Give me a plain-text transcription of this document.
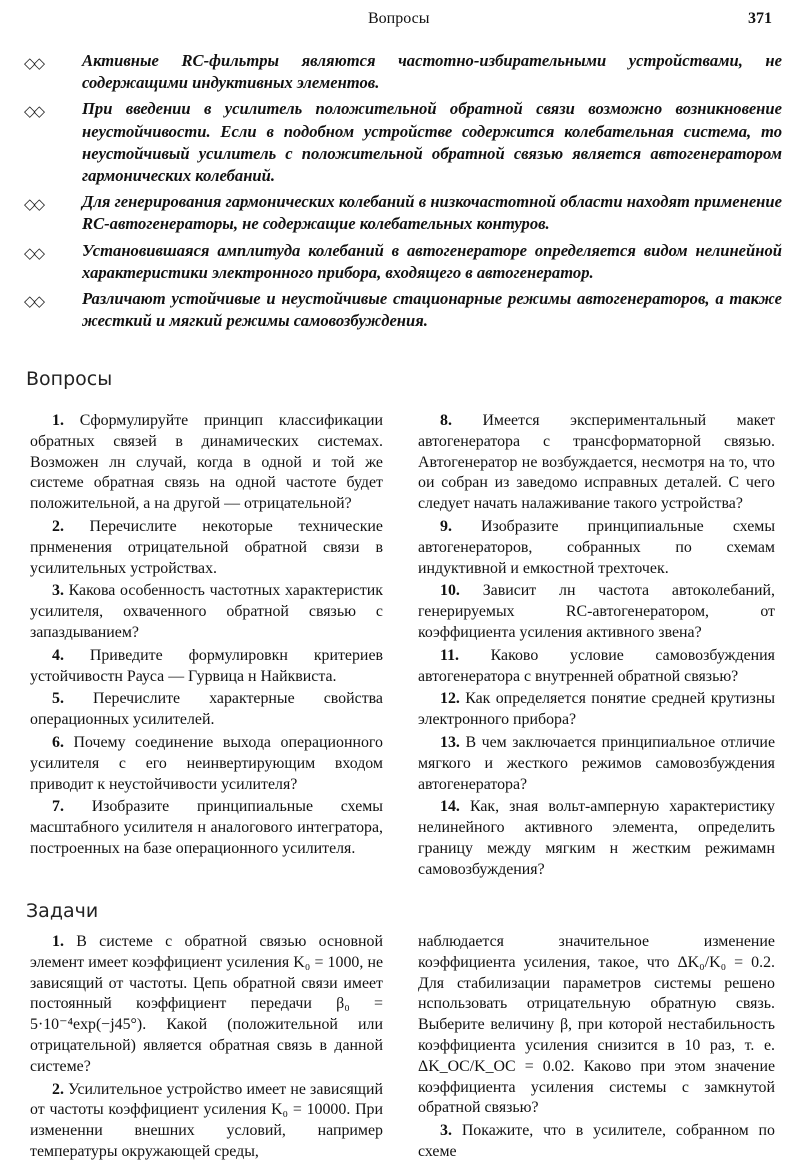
Вопросы	371
◇◇ Активные RC-фильтры являются частотно-избирательными устройствами, не содержащими индуктивных элементов.
◇◇ При введении в усилитель положительной обратной связи возможно возникновение неустойчивости. Если в подобном устройстве содержится колебательная система, то неустойчивый усилитель с положительной обратной связью является автогенератором гармонических колебаний.
◇◇ Для генерирования гармонических колебаний в низкочастотной области находят применение RC-автогенераторы, не содержащие колебательных контуров.
◇◇ Установившаяся амплитуда колебаний в автогенераторе определяется видом нелинейной характеристики электронного прибора, входящего в автогенератор.
◇◇ Различают устойчивые и неустойчивые стационарные режимы автогенераторов, а также жесткий и мягкий режимы самовозбуждения.
Вопросы

1. Сформулируйте принцип классификации обратных связей в динамических системах. Возможен лн случай, когда в одной и той же системе обратная связь на одной частоте будет положительной, а на другой — отрицательной?

2. Перечислите некоторые технические прнменения отрицательной обратной связи в усилительных устройствах.

3. Какова особенность частотных характеристик усилителя, охваченного обратной связью с запаздыванием?

4. Приведите формулировкн критериев устойчивостн Рауса — Гурвица н Найквиста.

5. Перечислите характерные свойства операционных усилителей.

6. Почему соединение выхода операционного усилителя с его неинвертирующим входом приводит к неустойчивости усилителя?

7. Изобразите принципиальные схемы масштабного усилителя н аналогового интегратора, построенных на базе операционного усилителя.

8. Имеется экспериментальный макет автогенератора с трансформаторной связью. Автогенератор не возбуждается, несмотря на то, что ои собран из заведомо исправных деталей. С чего следует начать налаживание такого устройства?

9. Изобразите принципиальные схемы автогенераторов, собранных по схемам индуктивной и емкостной трехточек.

10. Зависит лн частота автоколебаний, генерируемых RC-автогенератором, от коэффициента усиления активного звена?

11. Каково условие самовозбуждения автогенератора с внутренней обратной связью?

12. Как определяется понятие средней крутизны электронного прибора?

13. В чем заключается принципиальное отличие мягкого и жесткого режимов самовозбуждения автогенератора?

14. Как, зная вольт-амперную характеристику нелинейного активного элемента, определить границу между мягким н жестким режимамн самовозбуждения?

Задачи

1. В системе с обратной связью основной элемент имеет коэффициент усиления K₀ = 1000, не зависящий от частоты. Цепь обратной связи имеет постоянный коэффициент передачи β₀ = 5·10⁻⁴exp(−j45°). Какой (положительной или отрицательной) является обратная связь в данной системе?

2. Усилительное устройство имеет не зависящий от частоты коэффициент усиления K₀ = 10000. При измененни внешних условий, например температуры окружающей среды,

наблюдается значительное изменение коэффициента усиления, такое, что ΔK₀/K₀ = 0.2. Для стабилизации параметров системы решено нспользовать отрицательную обратную связь. Выберите величину β, при которой нестабильность коэффициента усиления снизится в 10 раз, т. е. ΔK_OC/K_OC = 0.02. Каково при этом значение коэффициента усиления системы с замкнутой обратной связью?

3. Покажите, что в усилителе, собранном по схеме
